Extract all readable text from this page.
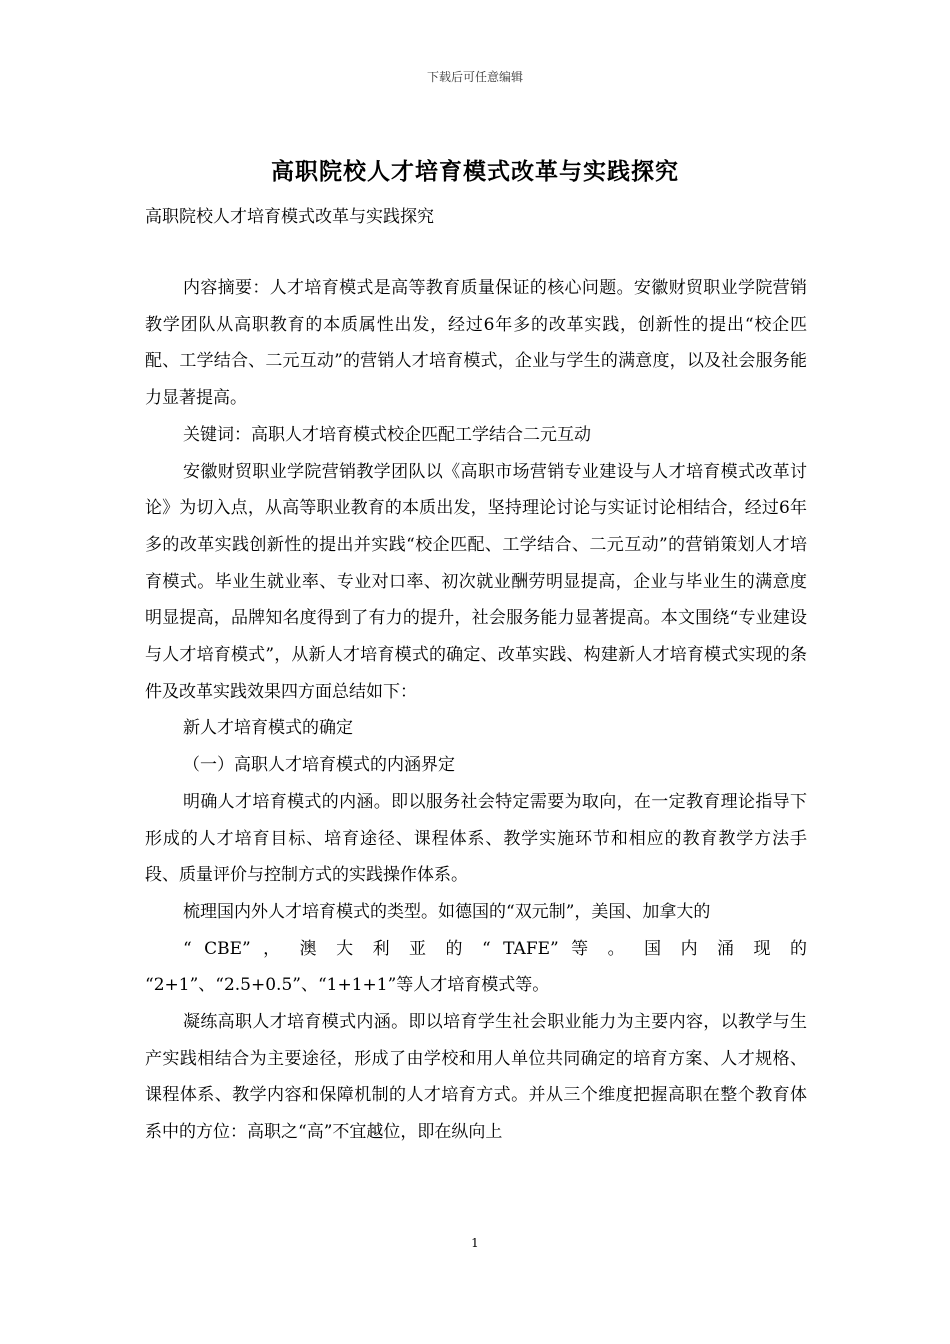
下载后可任意编辑
高职院校人才培育模式改革与实践探究
高职院校人才培育模式改革与实践探究

内容摘要：人才培育模式是高等教育质量保证的核心问题。安徽财贸职业学院营销教学团队从高职教育的本质属性出发，经过6年多的改革实践，创新性的提出“校企匹配、工学结合、二元互动”的营销人才培育模式，企业与学生的满意度，以及社会服务能力显著提高。

关键词：高职人才培育模式校企匹配工学结合二元互动

安徽财贸职业学院营销教学团队以《高职市场营销专业建设与人才培育模式改革讨论》为切入点，从高等职业教育的本质出发，坚持理论讨论与实证讨论相结合，经过6年多的改革实践创新性的提出并实践“校企匹配、工学结合、二元互动”的营销策划人才培育模式。毕业生就业率、专业对口率、初次就业酬劳明显提高，企业与毕业生的满意度明显提高，品牌知名度得到了有力的提升，社会服务能力显著提高。本文围绕“专业建设与人才培育模式”，从新人才培育模式的确定、改革实践、构建新人才培育模式实现的条件及改革实践效果四方面总结如下：

新人才培育模式的确定

（一）高职人才培育模式的内涵界定

明确人才培育模式的内涵。即以服务社会特定需要为取向，在一定教育理论指导下形成的人才培育目标、培育途径、课程体系、教学实施环节和相应的教育教学方法手段、质量评价与控制方式的实践操作体系。

梳理国内外人才培育模式的类型。如德国的“双元制”，美国、加拿大的

“ CBE” ， 澳 大 利 亚 的 “ TAFE” 等 。 国 内 涌 现 的

“2+1”、“2.5+0.5”、“1+1+1”等人才培育模式等。

凝练高职人才培育模式内涵。即以培育学生社会职业能力为主要内容，以教学与生产实践相结合为主要途径，形成了由学校和用人单位共同确定的培育方案、人才规格、课程体系、教学内容和保障机制的人才培育方式。并从三个维度把握高职在整个教育体系中的方位：高职之“高”不宜越位，即在纵向上

1
